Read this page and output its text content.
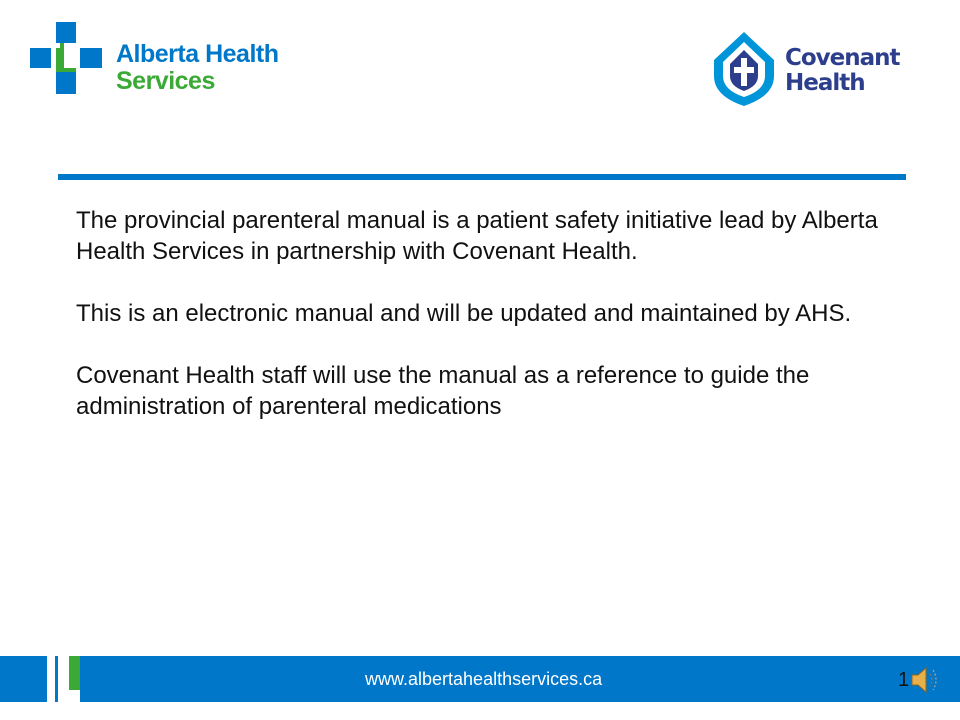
Alberta Health
Services
Covenant
Health

The provincial parenteral manual is a patient safety initiative lead by Alberta Health Services in partnership with Covenant Health.

This is an electronic manual and will be updated and maintained by AHS.

Covenant Health staff will use the manual as a reference to guide the administration of parenteral medications

www.albertahealthservices.ca	1
